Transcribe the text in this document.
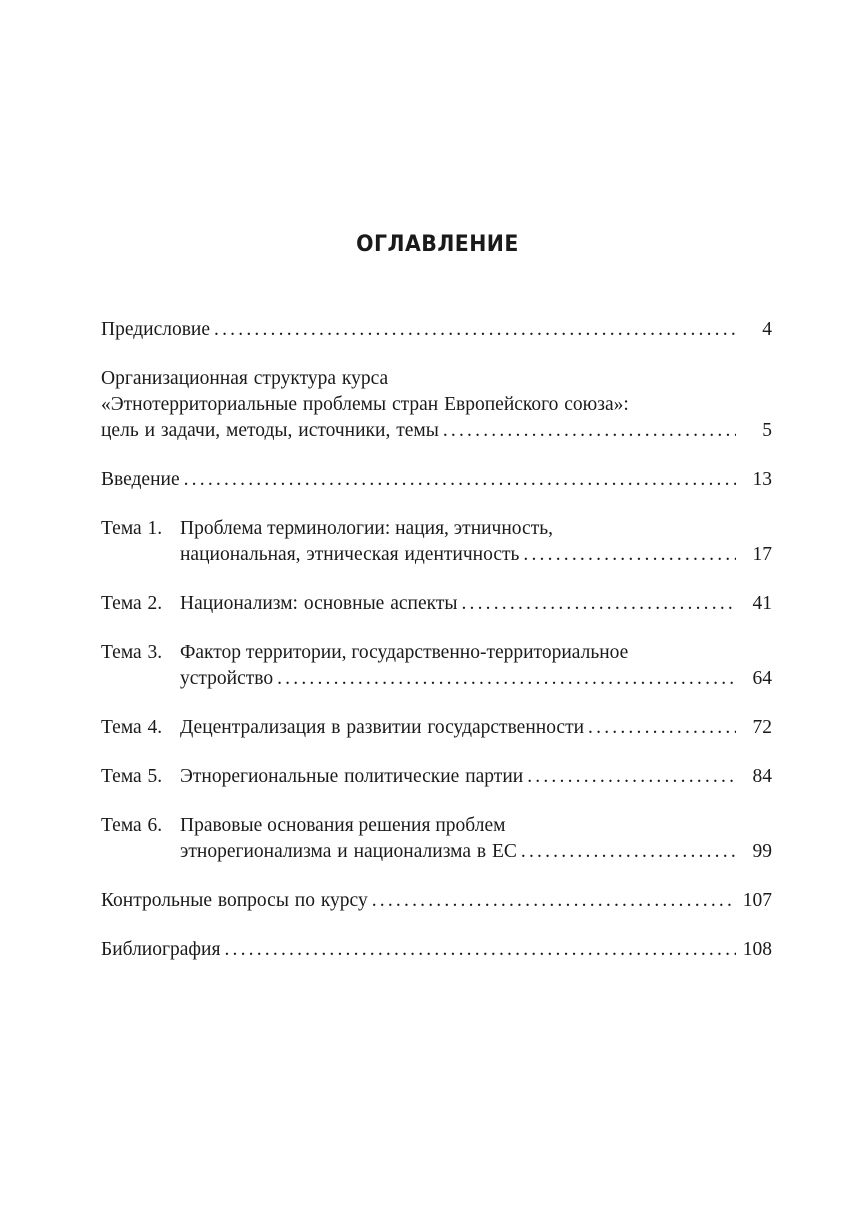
ОГЛАВЛЕНИЕ
Предисловие .....	4
Организационная структура курса
«Этнотерриториальные проблемы стран Европейского союза»:
цель и задачи, методы, источники, темы .....	5
Введение .....	13
Тема 1. Проблема терминологии: нация, этничность,
национальная, этническая идентичность .....	17
Тема 2. Национализм: основные аспекты .....	41
Тема 3. Фактор территории, государственно-территориальное
устройство .....	64
Тема 4. Децентрализация в развитии государственности .....	72
Тема 5. Этнорегиональные политические партии .....	84
Тема 6. Правовые основания решения проблем
этнорегионализма и национализма в ЕС .....	99
Контрольные вопросы по курсу .....	107
Библиография .....	108
